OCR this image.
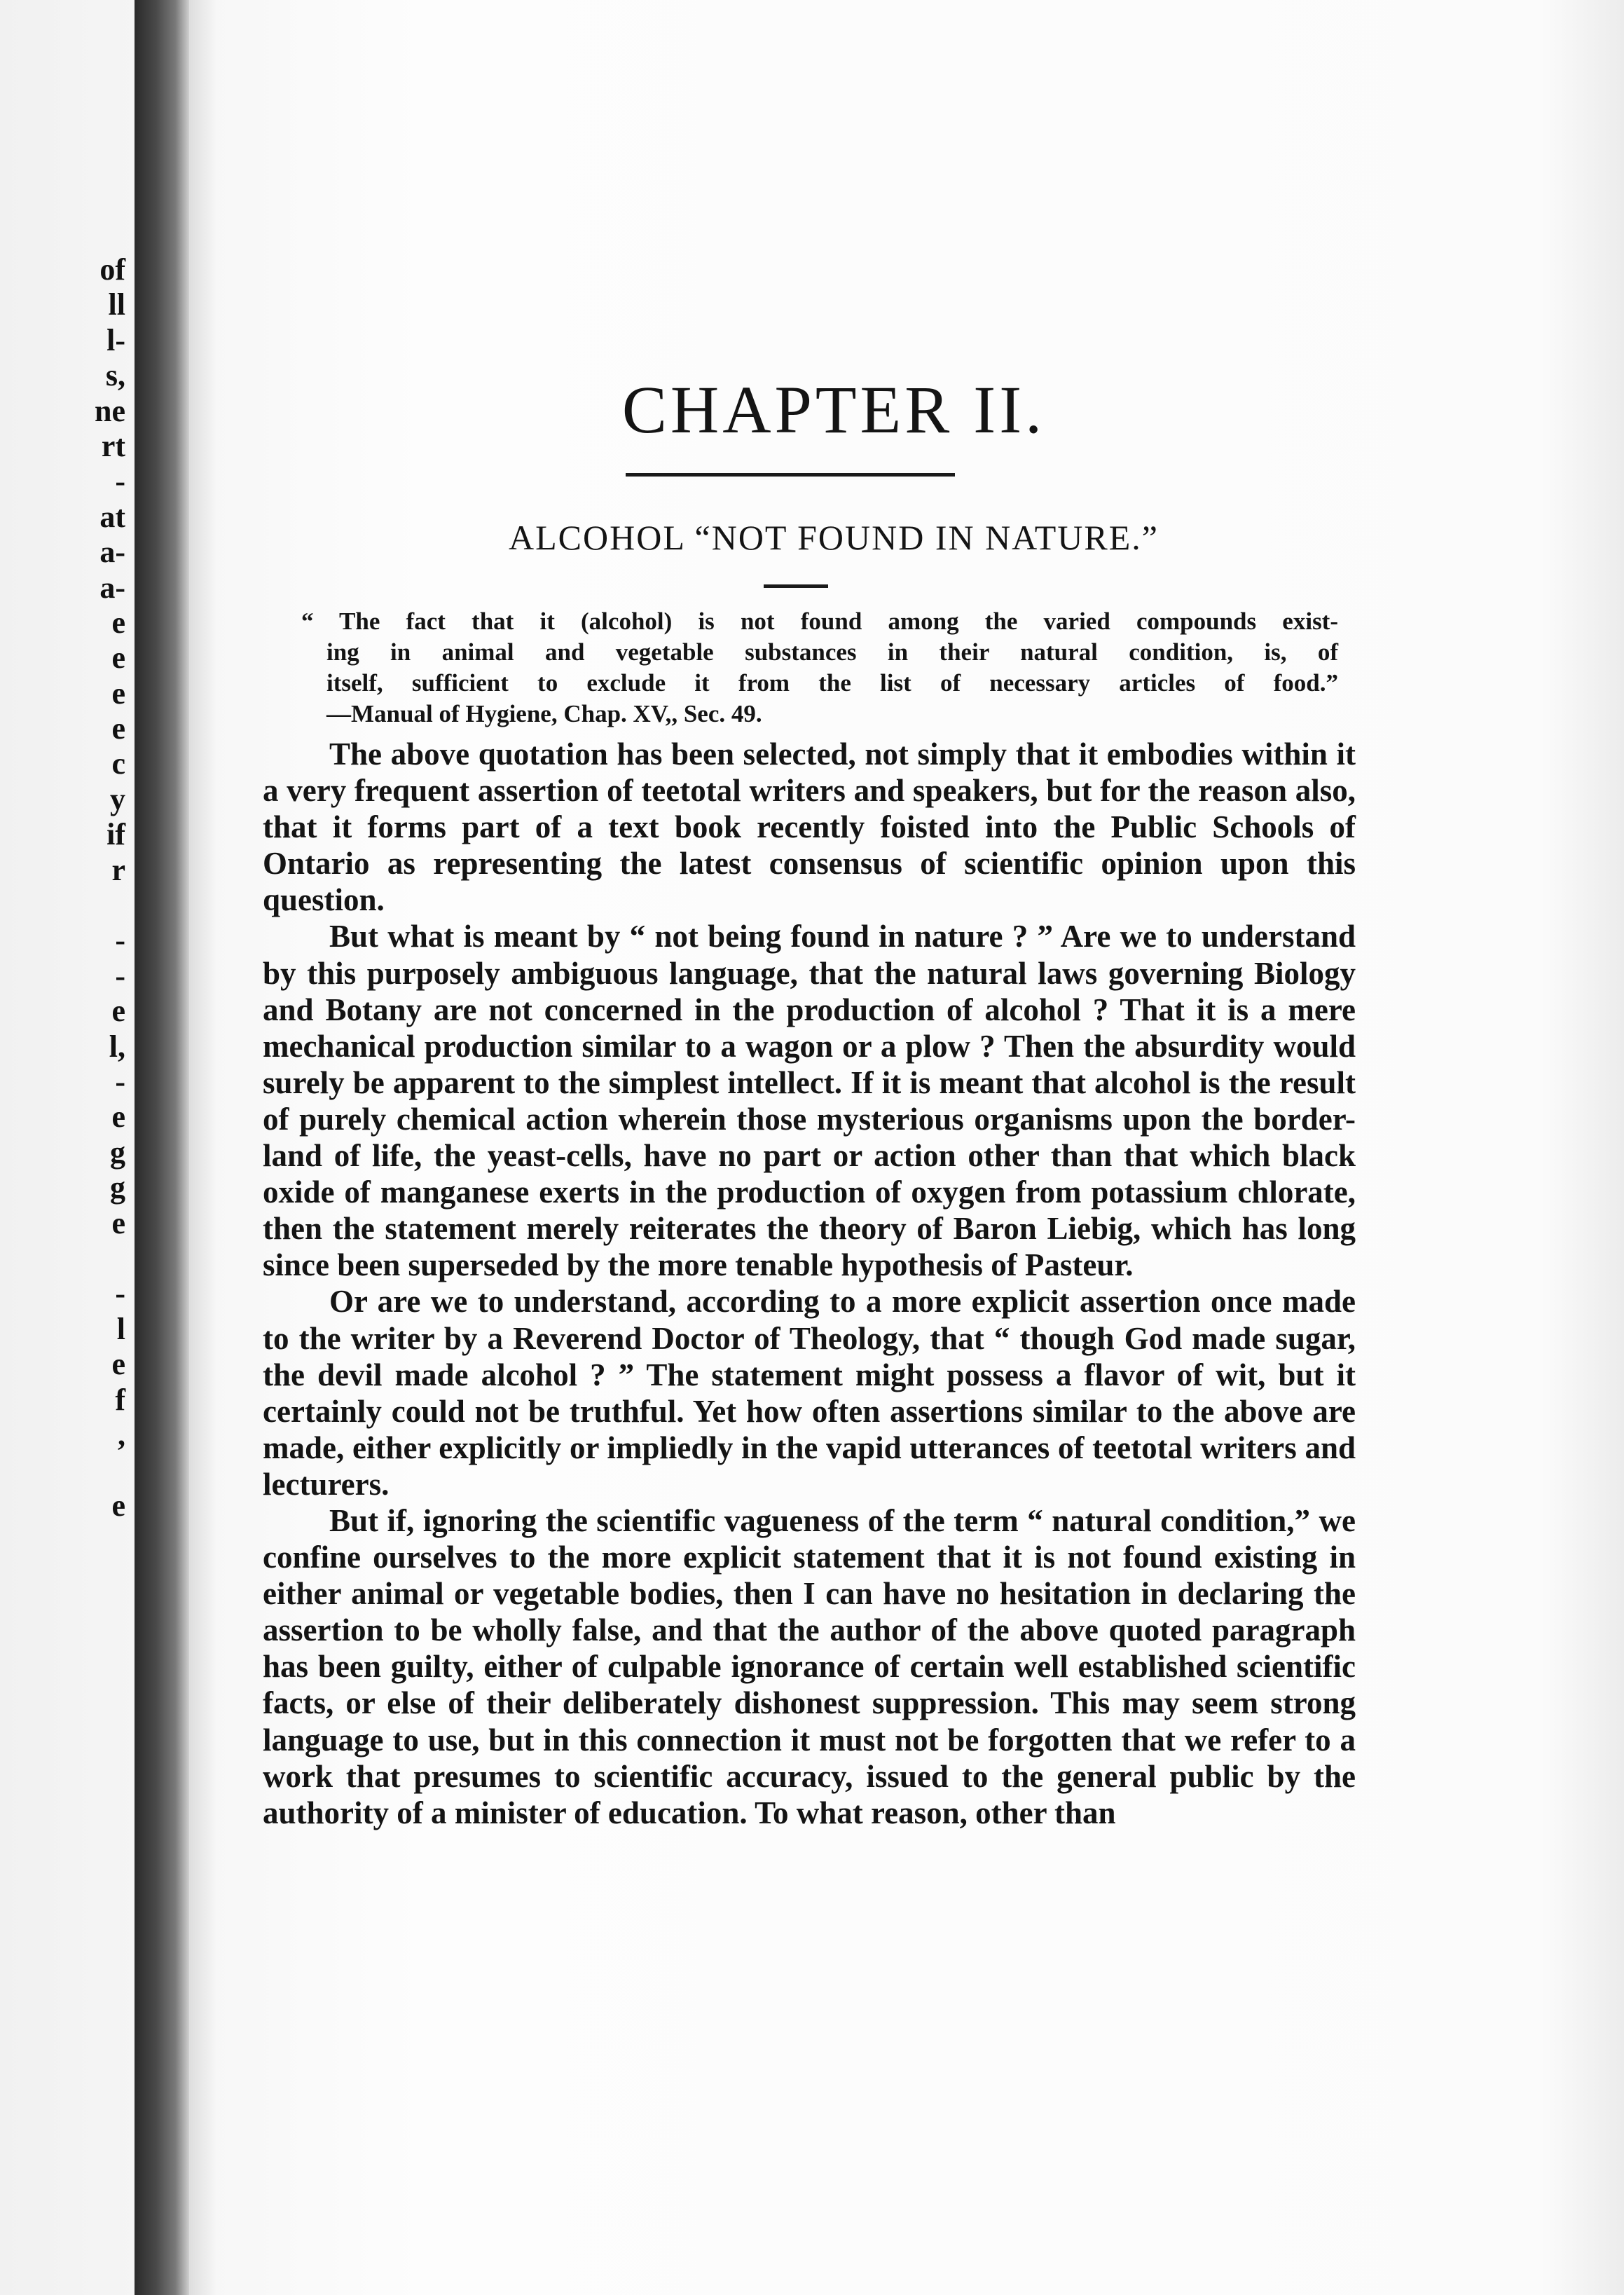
of
ll
l-
s,
ne
rt
-
at
a-
a-
e
e
e
e
c
y
if
r
-
-
e
l,
-
e
g
g
e
-
l
e
f
,
e
CHAPTER II.
ALCOHOL “NOT FOUND IN NATURE.”
“ The fact that it (alcohol) is not found among the varied compounds exist-
ing in animal and vegetable substances in their natural condition, is, of
itself, sufficient to exclude it from the list of necessary articles of food.”
—Manual of Hygiene, Chap. XV,, Sec. 49.

The above quotation has been selected, not simply that it embodies within it a very frequent assertion of teetotal writers and speakers, but for the reason also, that it forms part of a text book recently foisted into the Public Schools of Ontario as representing the latest consensus of scientific opinion upon this question.

But what is meant by “ not being found in nature ? ” Are we to understand by this purposely ambiguous language, that the natural laws governing Biology and Botany are not concerned in the production of alcohol ? That it is a mere mechanical production similar to a wagon or a plow ? Then the absurdity would surely be apparent to the simplest intellect. If it is meant that alcohol is the result of purely chemical action wherein those mysterious organisms upon the border-land of life, the yeast-cells, have no part or action other than that which black oxide of manganese exerts in the production of oxygen from potassium chlorate, then the statement merely reiterates the theory of Baron Liebig, which has long since been superseded by the more tenable hypothesis of Pasteur.

Or are we to understand, according to a more explicit assertion once made to the writer by a Reverend Doctor of Theology, that “ though God made sugar, the devil made alcohol ? ” The statement might possess a flavor of wit, but it certainly could not be truthful. Yet how often assertions similar to the above are made, either explicitly or impliedly in the vapid utterances of teetotal writers and lecturers.

But if, ignoring the scientific vagueness of the term “ natural condition,” we confine ourselves to the more explicit statement that it is not found existing in either animal or vegetable bodies, then I can have no hesitation in declaring the assertion to be wholly false, and that the author of the above quoted paragraph has been guilty, either of culpable ignorance of certain well established scientific facts, or else of their deliberately dishonest suppression. This may seem strong language to use, but in this connection it must not be forgotten that we refer to a work that presumes to scientific accuracy, issued to the general public by the authority of a minister of education. To what reason, other than
